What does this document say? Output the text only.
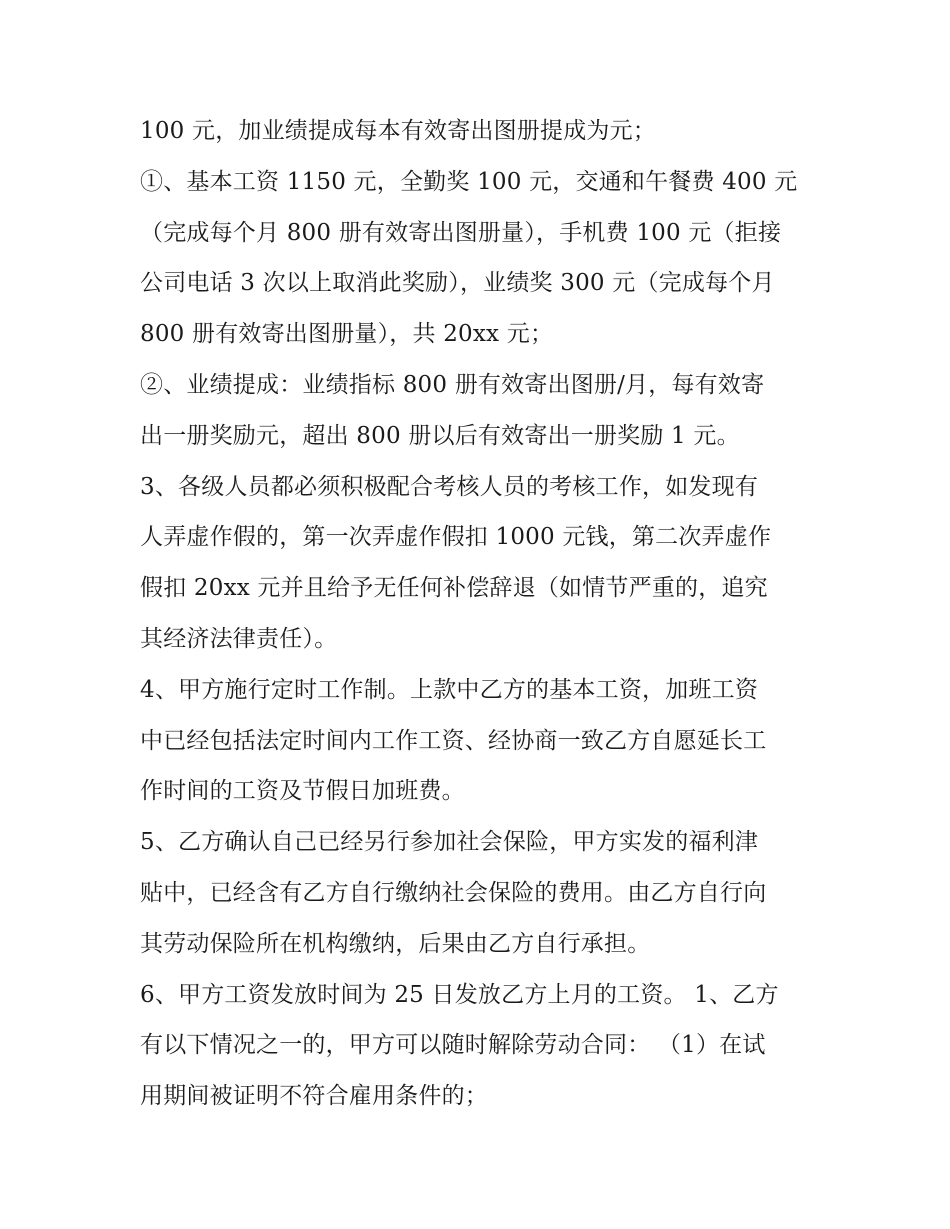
100 元，加业绩提成每本有效寄出图册提成为元；
①、基本工资 1150 元，全勤奖 100 元，交通和午餐费 400 元
（完成每个月 800 册有效寄出图册量），手机费 100 元（拒接
公司电话 3 次以上取消此奖励），业绩奖 300 元（完成每个月
800 册有效寄出图册量），共 20xx 元；
②、业绩提成：业绩指标 800 册有效寄出图册/月，每有效寄
出一册奖励元，超出 800 册以后有效寄出一册奖励 1 元。
3、各级人员都必须积极配合考核人员的考核工作，如发现有
人弄虚作假的，第一次弄虚作假扣 1000 元钱，第二次弄虚作
假扣 20xx 元并且给予无任何补偿辞退（如情节严重的，追究
其经济法律责任）。
4、甲方施行定时工作制。上款中乙方的基本工资，加班工资
中已经包括法定时间内工作工资、经协商一致乙方自愿延长工
作时间的工资及节假日加班费。
5、乙方确认自己已经另行参加社会保险，甲方实发的福利津
贴中，已经含有乙方自行缴纳社会保险的费用。由乙方自行向
其劳动保险所在机构缴纳，后果由乙方自行承担。
6、甲方工资发放时间为 25 日发放乙方上月的工资。 1、乙方
有以下情况之一的，甲方可以随时解除劳动合同： （1）在试
用期间被证明不符合雇用条件的；
